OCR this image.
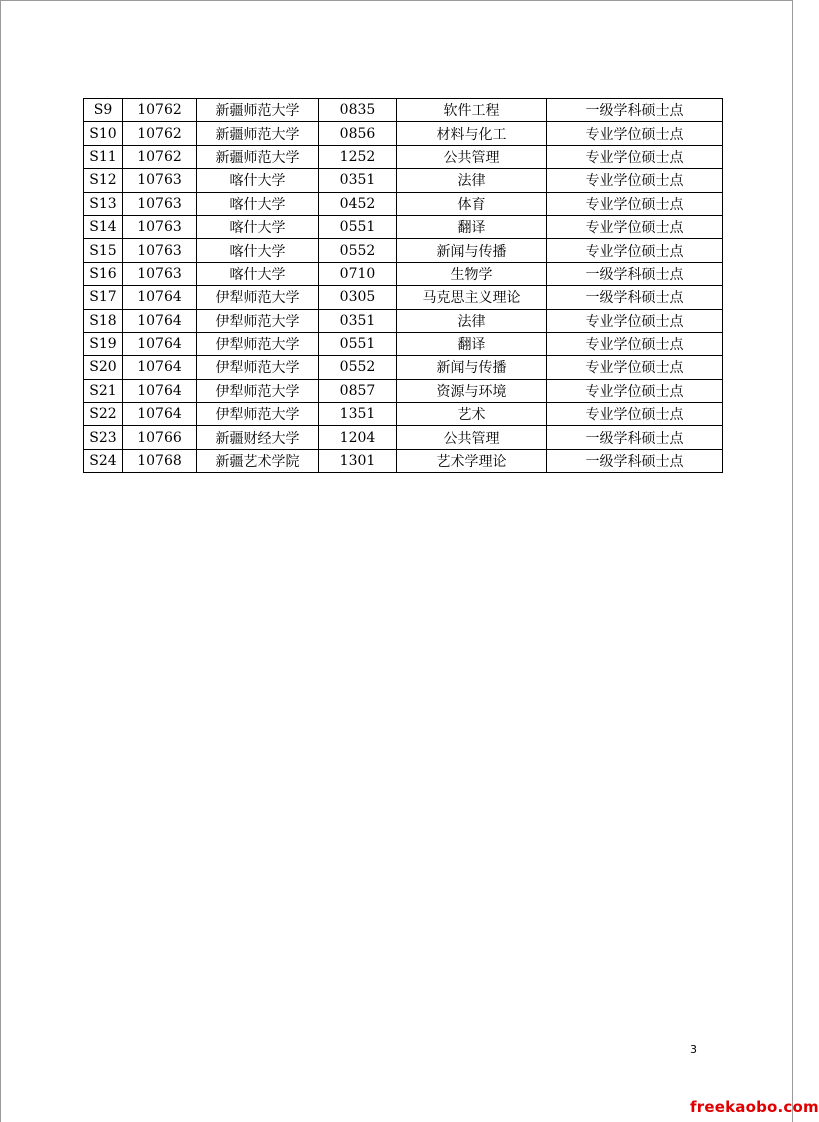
S9	10762	新疆师范大学	0835	软件工程	一级学科硕士点
S10	10762	新疆师范大学	0856	材料与化工	专业学位硕士点
S11	10762	新疆师范大学	1252	公共管理	专业学位硕士点
S12	10763	喀什大学	0351	法律	专业学位硕士点
S13	10763	喀什大学	0452	体育	专业学位硕士点
S14	10763	喀什大学	0551	翻译	专业学位硕士点
S15	10763	喀什大学	0552	新闻与传播	专业学位硕士点
S16	10763	喀什大学	0710	生物学	一级学科硕士点
S17	10764	伊犁师范大学	0305	马克思主义理论	一级学科硕士点
S18	10764	伊犁师范大学	0351	法律	专业学位硕士点
S19	10764	伊犁师范大学	0551	翻译	专业学位硕士点
S20	10764	伊犁师范大学	0552	新闻与传播	专业学位硕士点
S21	10764	伊犁师范大学	0857	资源与环境	专业学位硕士点
S22	10764	伊犁师范大学	1351	艺术	专业学位硕士点
S23	10766	新疆财经大学	1204	公共管理	一级学科硕士点
S24	10768	新疆艺术学院	1301	艺术学理论	一级学科硕士点
3
freekaobo.com
